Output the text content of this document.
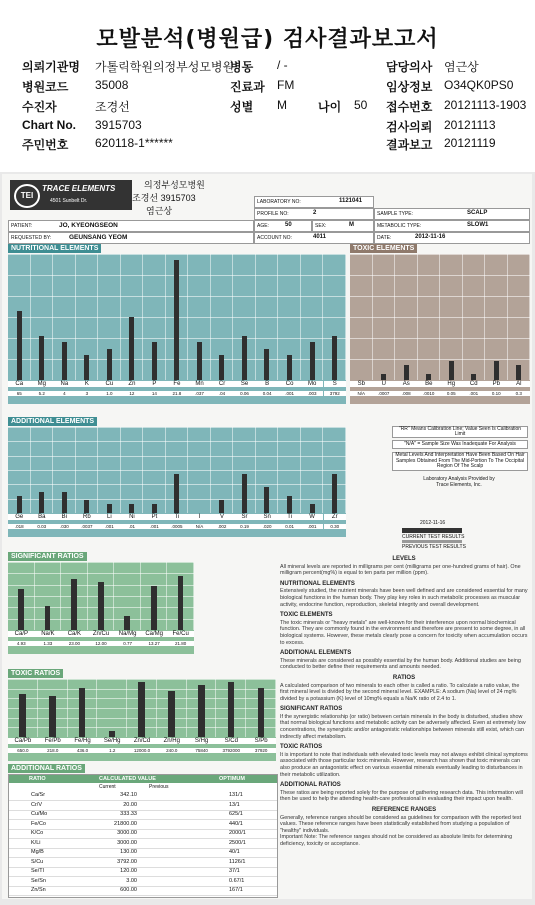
모발분석(병원급) 검사결과보고서
의뢰기관명 가톨릭학원의정부성모병원
병원코드 35008
수진자	조경선
Chart No. 3915703
주민번호 620118-1******
병동 / -
진료과 FM
성별 M	나이 50
담당의사 염근상
임상정보 O34QK0PS0
접수번호 20121113-1903
검사의뢰 20121113
결과보고 20121119
TEI
TRACE ELEMENTS
4501 Sunbelt Dr.
의정부성모병원
조경선 3915703
염근상
LABORATORY NO:	1121041
PROFILE NO:	2	SAMPLE TYPE:	SCALP
PATIENT:	JO, KYEONGSEON	AGE:	50	SEX:	M	METABOLIC TYPE:	SLOW1
REQUESTED BY:	GEUNSANG YEOM	ACCOUNT NO:	4011	DATE:	2012-11-16
NUTRITIONAL ELEMENTS
Ca
65
Mg
5.2
Na
4
K
3
Cu
1.0
Zn
12
P
14
Fe
21.8
Mn
.037
Cr
.04
Se
0.06
B
0.04
Co
.001
Mo
.003
S
3792
TOXIC ELEMENTS
Sb
N/A
U
.0007
As
.008
Be
.0010
Hg
0.05
Cd
.001
Pb
0.10
Al
0.3
ADDITIONAL ELEMENTS
Ge
.018
Ba
0.03
Bi
.030
Rb
.0037
Li
.001
Ni
.01
Pt
.001
Ti
.0005
I
N/A
V
.002
Sr
0.19
Sn
.020
Ti
0.01
W
.001
Zr
0.30
"RR" Means Calibration Line; Value Seen Is Calibration Limit
"N/A" = Sample Size Was Inadequate For Analysis
Metal Levels And Interpretation Have Been Based On Hair Samples Obtained From The Mid-Portion To The Occipital Region Of The Scalp
Laboratory Analysis Provided by
Trace Elements, Inc.
2012-11-16
CURRENT TEST RESULTS
PREVIOUS TEST RESULTS
SIGNIFICANT RATIOS
Ca/P
4.93
Na/K
1.33
Ca/K
23.00
Zn/Cu
12.00
Na/Mg
0.77
Ca/Mg
13.27
Fe/Cu
21.80
TOXIC RATIOS
Ca/Pb
650.0
Fe/Pb
218.0
Fe/Hg
436.0
Se/Hg
1.2
Zn/Cd
12000.0
Zn/Hg
240.0
S/Hg
75840
S/Cd
3792000
S/Pb
37920
ADDITIONAL RATIOS
RATIO	CALCULATED VALUE	OPTIMUM
Current	Previous
Ca/Sr	342.10	131/1
Cr/V	20.00	13/1
Cu/Mo	333.33	625/1
Fe/Co	21800.00	440/1
K/Co	3000.00	2000/1
K/Li	3000.00	2500/1
Mg/B	130.00	40/1
S/Cu	3792.00	1126/1
Se/Tl	120.00	37/1
Se/Sn	3.00	0.67/1
Zn/Sn	600.00	167/1
LEVELS

All mineral levels are reported in milligrams per cent (milligrams per one-hundred grams of hair). One milligram percent(mg%) is equal to ten parts per million (ppm).

NUTRITIONAL ELEMENTS

Extensively studied, the nutrient minerals have been well defined and are considered essential for many biological functions in the human body. They play key roles in such metabolic processes as muscular activity, endocrine function, reproduction, skeletal integrity and overall development.

TOXIC ELEMENTS

The toxic minerals or "heavy metals" are well-known for their interference upon normal biochemical function. They are commonly found in the environment and therefore are present to some degree, in all biological systems. However, these metals clearly pose a concern for toxicity when accumulation occurs to excess.

ADDITIONAL ELEMENTS

These minerals are considered as possibly essential by the human body. Additional studies are being conducted to better define their requirements and amounts needed.

RATIOS

A calculated comparison of two minerals to each other is called a ratio. To calculate a ratio value, the first mineral level is divided by the second mineral level. EXAMPLE: A sodium (Na) level of 24 mg% divided by a potassium (K) level of 10mg% equals a Na/K ratio of 2.4 to 1.

SIGNIFICANT RATIOS

If the synergistic relationship (or ratio) between certain minerals in the body is disturbed, studies show that normal biological functions and metabolic activity can be adversely affected. Even at extremely low concentrations, the synergistic and/or antagonistic relationships between minerals still exist, which can indirectly affect metabolism.

TOXIC RATIOS

It is important to note that individuals with elevated toxic levels may not always exhibit clinical symptoms associated with those particular toxic minerals. However, research has shown that toxic minerals can also produce an antagonistic effect on various essential minerals eventually leading to disturbances in their metabolic utilization.

ADDITIONAL RATIOS

These ratios are being reported solely for the purpose of gathering research data. This information will then be used to help the attending health-care professional in evaluating their impact upon health.

REFERENCE RANGES

Generally, reference ranges should be considered as guidelines for comparison with the reported test values. These reference ranges have been statistically established from studying a population of "healthy" individuals.

Important Note: The reference ranges should not be considered as absolute limits for determining deficiency, toxicity or acceptance.
